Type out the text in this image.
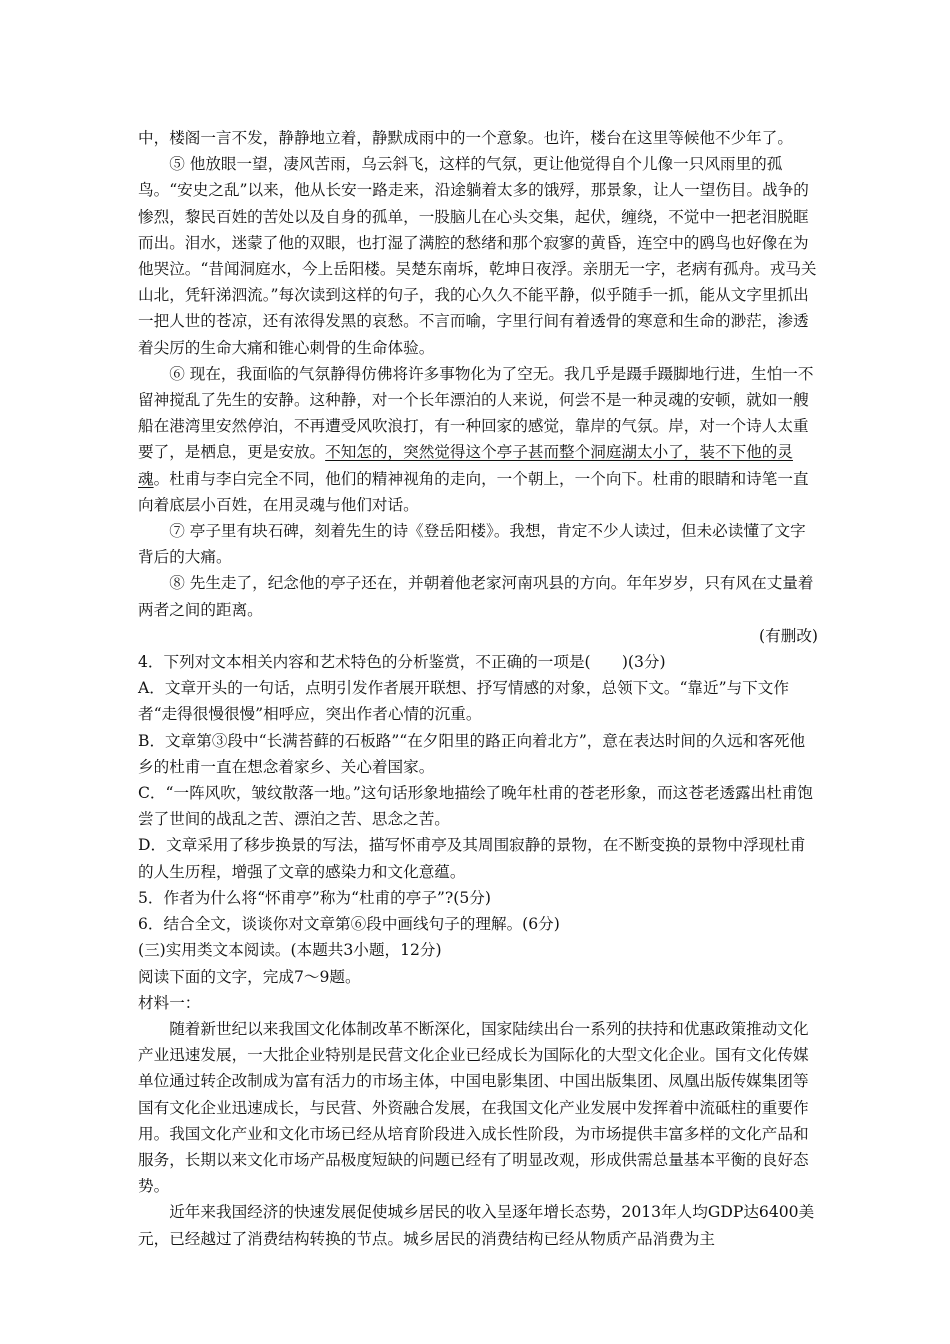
中，楼阁一言不发，静静地立着，静默成雨中的一个意象。也许，楼台在这里等候他不少年了。

⑤ 他放眼一望，凄风苦雨，乌云斜飞，这样的气氛，更让他觉得自个儿像一只风雨里的孤鸟。“安史之乱”以来，他从长安一路走来，沿途躺着太多的饿殍，那景象，让人一望伤目。战争的惨烈，黎民百姓的苦处以及自身的孤单，一股脑儿在心头交集，起伏，缠绕，不觉中一把老泪脱眶而出。泪水，迷蒙了他的双眼，也打湿了满腔的愁绪和那个寂寥的黄昏，连空中的鸥鸟也好像在为他哭泣。“昔闻洞庭水，今上岳阳楼。吴楚东南坼，乾坤日夜浮。亲朋无一字，老病有孤舟。戎马关山北，凭轩涕泗流。”每次读到这样的句子，我的心久久不能平静，似乎随手一抓，能从文字里抓出一把人世的苍凉，还有浓得发黑的哀愁。不言而喻，字里行间有着透骨的寒意和生命的渺茫，渗透着尖厉的生命大痛和锥心刺骨的生命体验。

⑥ 现在，我面临的气氛静得仿佛将许多事物化为了空无。我几乎是蹑手蹑脚地行进，生怕一不留神搅乱了先生的安静。这种静，对一个长年漂泊的人来说，何尝不是一种灵魂的安顿，就如一艘船在港湾里安然停泊，不再遭受风吹浪打，有一种回家的感觉，靠岸的气氛。岸，对一个诗人太重要了，是栖息，更是安放。不知怎的，突然觉得这个亭子甚而整个洞庭湖太小了，装不下他的灵魂。杜甫与李白完全不同，他们的精神视角的走向，一个朝上，一个向下。杜甫的眼睛和诗笔一直向着底层小百姓，在用灵魂与他们对话。

⑦ 亭子里有块石碑，刻着先生的诗《登岳阳楼》。我想，肯定不少人读过，但未必读懂了文字背后的大痛。

⑧ 先生走了，纪念他的亭子还在，并朝着他老家河南巩县的方向。年年岁岁，只有风在丈量着两者之间的距离。

(有删改)

4．下列对文本相关内容和艺术特色的分析鉴赏，不正确的一项是(　　)(3分)

A．文章开头的一句话，点明引发作者展开联想、抒写情感的对象，总领下文。“靠近”与下文作者“走得很慢很慢”相呼应，突出作者心情的沉重。

B．文章第③段中“长满苔藓的石板路”“在夕阳里的路正向着北方”，意在表达时间的久远和客死他乡的杜甫一直在想念着家乡、关心着国家。

C．“一阵风吹，皱纹散落一地。”这句话形象地描绘了晚年杜甫的苍老形象，而这苍老透露出杜甫饱尝了世间的战乱之苦、漂泊之苦、思念之苦。

D．文章采用了移步换景的写法，描写怀甫亭及其周围寂静的景物，在不断变换的景物中浮现杜甫的人生历程，增强了文章的感染力和文化意蕴。

5．作者为什么将“怀甫亭”称为“杜甫的亭子”?(5分)

6．结合全文，谈谈你对文章第⑥段中画线句子的理解。(6分)

(三)实用类文本阅读。(本题共3小题，12分)

阅读下面的文字，完成7～9题。

材料一：

随着新世纪以来我国文化体制改革不断深化，国家陆续出台一系列的扶持和优惠政策推动文化产业迅速发展，一大批企业特别是民营文化企业已经成长为国际化的大型文化企业。国有文化传媒单位通过转企改制成为富有活力的市场主体，中国电影集团、中国出版集团、凤凰出版传媒集团等国有文化企业迅速成长，与民营、外资融合发展，在我国文化产业发展中发挥着中流砥柱的重要作用。我国文化产业和文化市场已经从培育阶段进入成长性阶段，为市场提供丰富多样的文化产品和服务，长期以来文化市场产品极度短缺的问题已经有了明显改观，形成供需总量基本平衡的良好态势。

近年来我国经济的快速发展促使城乡居民的收入呈逐年增长态势，2013年人均GDP达6400美元，已经越过了消费结构转换的节点。城乡居民的消费结构已经从物质产品消费为主
